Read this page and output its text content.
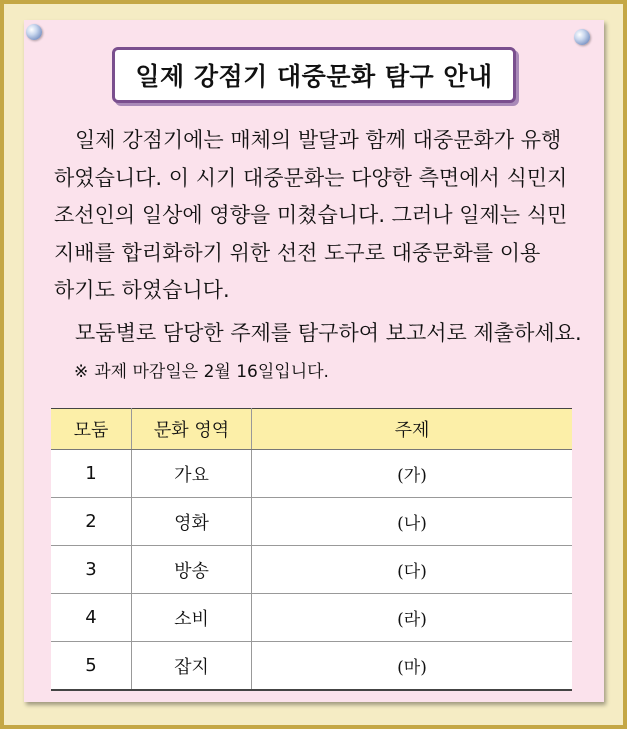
일제 강점기 대중문화 탐구 안내
일제 강점기에는 매체의 발달과 함께 대중문화가 유행
하였습니다. 이 시기 대중문화는 다양한 측면에서 식민지
조선인의 일상에 영향을 미쳤습니다. 그러나 일제는 식민
지배를 합리화하기 위한 선전 도구로 대중문화를 이용
하기도 하였습니다.
모둠별로 담당한 주제를 탐구하여 보고서로 제출하세요.
※ 과제 마감일은 2월 16일입니다.
모둠	문화 영역	주제
1	가요	(가)
2	영화	(나)
3	방송	(다)
4	소비	(라)
5	잡지	(마)
